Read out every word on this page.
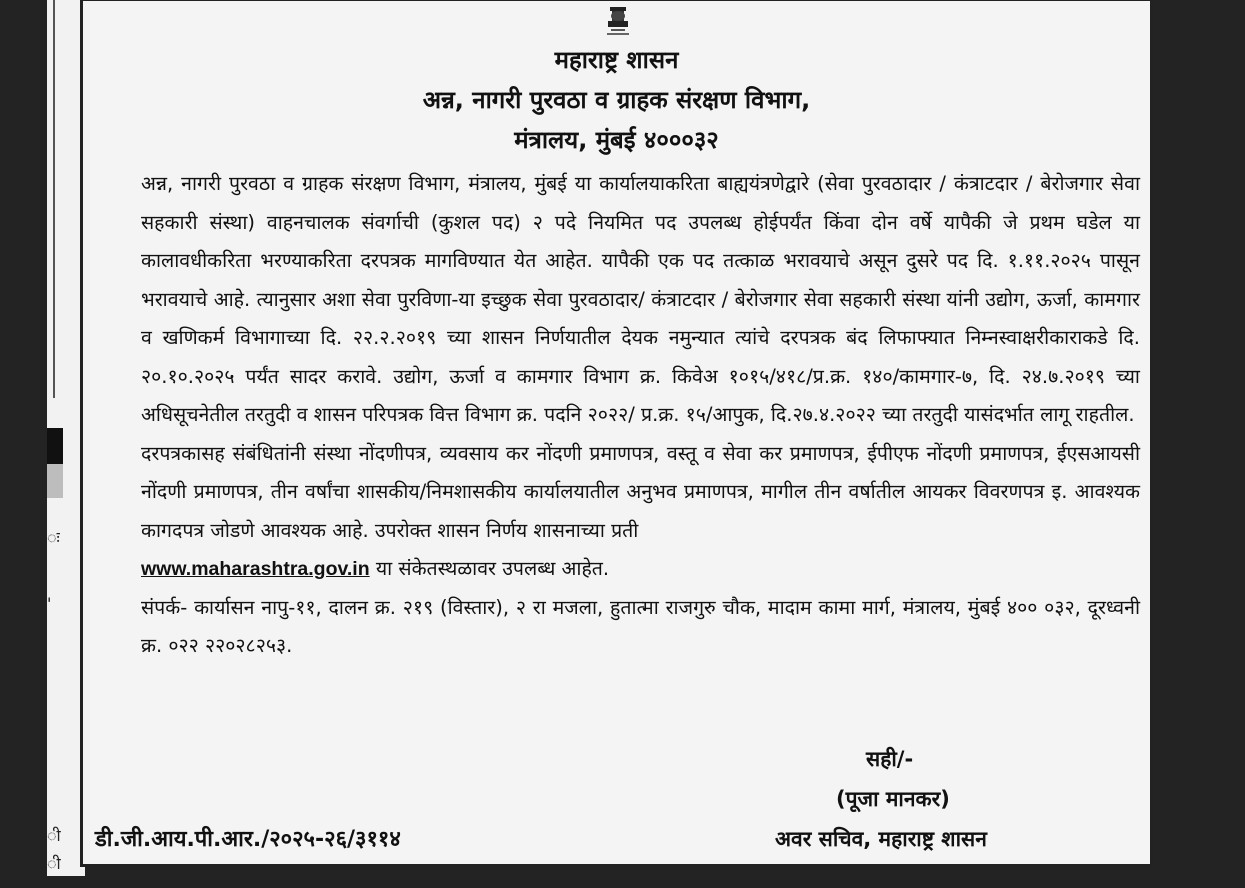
ः
'
ी
ी
महाराष्ट्र शासन
अन्न, नागरी पुरवठा व ग्राहक संरक्षण विभाग,
मंत्रालय, मुंबई ४०००३२

अन्न, नागरी पुरवठा व ग्राहक संरक्षण विभाग, मंत्रालय, मुंबई या कार्यालयाकरिता बाह्ययंत्रणेद्वारे (सेवा पुरवठादार / कंत्राटदार / बेरोजगार सेवा सहकारी संस्था) वाहनचालक संवर्गाची (कुशल पद) २ पदे नियमित पद उपलब्ध होईपर्यंत किंवा दोन वर्षे यापैकी जे प्रथम घडेल या कालावधीकरिता भरण्याकरिता दरपत्रक मागविण्यात येत आहेत. यापैकी एक पद तत्काळ भरावयाचे असून दुसरे पद दि. १.११.२०२५ पासून भरावयाचे आहे. त्यानुसार अशा सेवा पुरविणा-या इच्छुक सेवा पुरवठादार/ कंत्राटदार / बेरोजगार सेवा सहकारी संस्था यांनी उद्योग, ऊर्जा, कामगार व खणिकर्म विभागाच्या दि. २२.२.२०१९ च्या शासन निर्णयातील देयक नमुन्यात त्यांचे दरपत्रक बंद लिफाफ्यात निम्नस्वाक्षरीकाराकडे दि. २०.१०.२०२५ पर्यंत सादर करावे. उद्योग, ऊर्जा व कामगार विभाग क्र. किवेअ १०१५/४१८/प्र.क्र. १४०/कामगार-७, दि. २४.७.२०१९ च्या अधिसूचनेतील तरतुदी व शासन परिपत्रक वित्त विभाग क्र. पदनि २०२२/ प्र.क्र. १५/आपुक, दि.२७.४.२०२२ च्या तरतुदी यासंदर्भात लागू राहतील.

दरपत्रकासह संबंधितांनी संस्था नोंदणीपत्र, व्यवसाय कर नोंदणी प्रमाणपत्र, वस्तू व सेवा कर प्रमाणपत्र, ईपीएफ नोंदणी प्रमाणपत्र, ईएसआयसी नोंदणी प्रमाणपत्र, तीन वर्षांचा शासकीय/निमशासकीय कार्यालयातील अनुभव प्रमाणपत्र, मागील तीन वर्षातील आयकर विवरणपत्र इ. आवश्यक कागदपत्र जोडणे आवश्यक आहे. उपरोक्त शासन निर्णय शासनाच्या प्रती
www.maharashtra.gov.in या संकेतस्थळावर उपलब्ध आहेत.

संपर्क- कार्यासन नापु-११, दालन क्र. २१९ (विस्तार), २ रा मजला, हुतात्मा राजगुरु चौक, मादाम कामा मार्ग, मंत्रालय, मुंबई ४०० ०३२, दूरध्वनी क्र. ०२२ २२०२८२५३.

सही/-
(पूजा मानकर)
अवर सचिव, महाराष्ट्र शासन
डी.जी.आय.पी.आर./२०२५-२६/३११४
